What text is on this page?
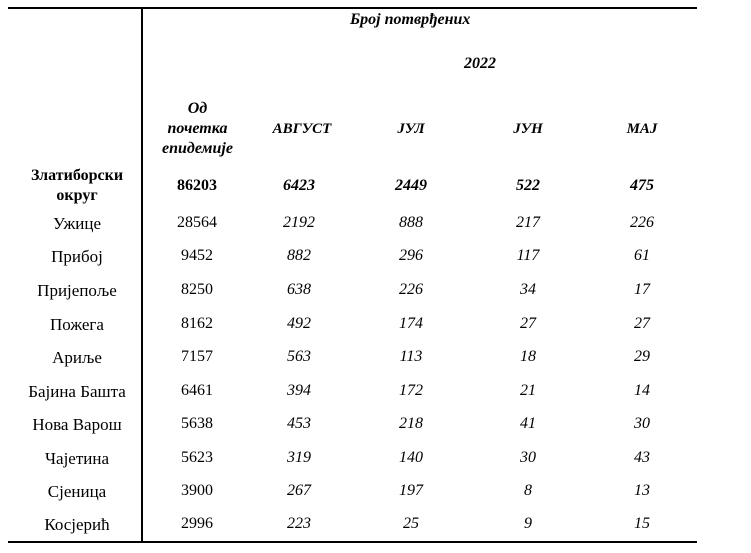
Број потврђених
2022
Од
почетка
епидемије
АВГУСТ	ЈУЛ	ЈУН	МАЈ
Златиборски
округ
86203	6423	2449	522	475
Ужице	28564	2192	888	217	226
Прибој	9452	882	296	117	61
Пријепоље	8250	638	226	34	17
Пожега	8162	492	174	27	27
Ариље	7157	563	113	18	29
Бајина Башта	6461	394	172	21	14
Нова Варош	5638	453	218	41	30
Чајетина	5623	319	140	30	43
Сјеница	3900	267	197	8	13
Косјерић	2996	223	25	9	15
